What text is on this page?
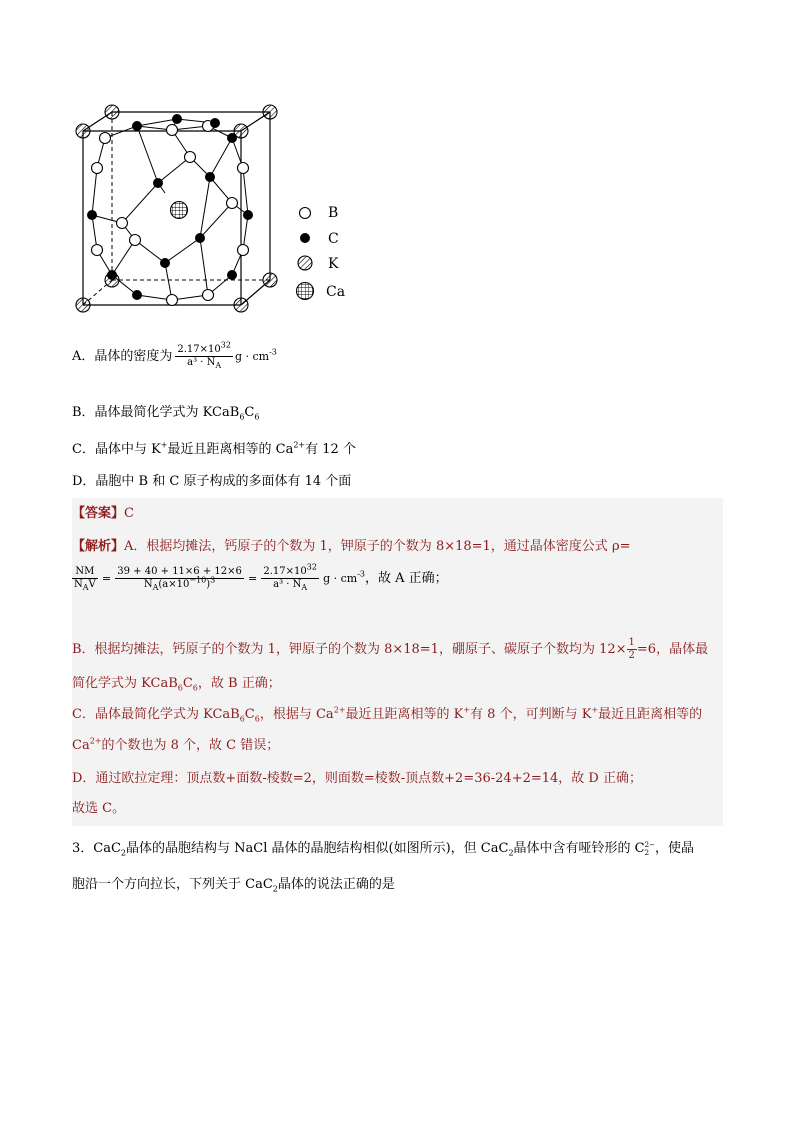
B
C
K
Ca
A．晶体的密度为 $\frac{2.17\times 10^{32}}{a^3 \cdot N_A}$ $g \cdot cm^{-3}$
B．晶体最简化学式为 $KCaB_6C_6$
C．晶体中与 K+最近且距离相等的 $Ca^{2+}$有 12 个
D．晶胞中 B 和 C 原子构成的多面体有 14 个面
【答案】C
【解析】A．根据均摊法，钙原子的个数为 1，钾原子的个数为 8×18=1，通过晶体密度公式 ρ=
$\frac{NM}{N_AV} = \frac{39 + 40 + 11\times 6 + 12\times 6}{N_A(a\times 10^{-10})^3} = \frac{2.17\times 10^{32}}{a^3 \cdot N_A}$ $g \cdot cm^{-3}$，故 A 正确；
B．根据均摊法，钙原子的个数为 1，钾原子的个数为 8×18=1，硼原子、碳原子个数均为 $12\times \frac{1}{2} =6$，晶体最
简化学式为 $KCaB_6C_6$，故 B 正确；
C．晶体最简化学式为 $KCaB_6C_6$，根据与 $Ca^{2+}$最近且距离相等的 K+有 8 个，可判断与 K+最近且距离相等的
$Ca^{2+}$的个数也为 8 个，故 C 错误；
D．通过欧拉定理：顶点数+面数-棱数=2，则面数=棱数-顶点数+2=36-24+2=14，故 D 正确；
故选 C。
3．CaC$_2$晶体的晶胞结构与 NaCl 晶体的晶胞结构相似(如图所示)，但 CaC$_2$晶体中含有哑铃形的 C 2−
2 ，使晶
胞沿一个方向拉长，下列关于 CaC$_2$晶体的说法正确的是
